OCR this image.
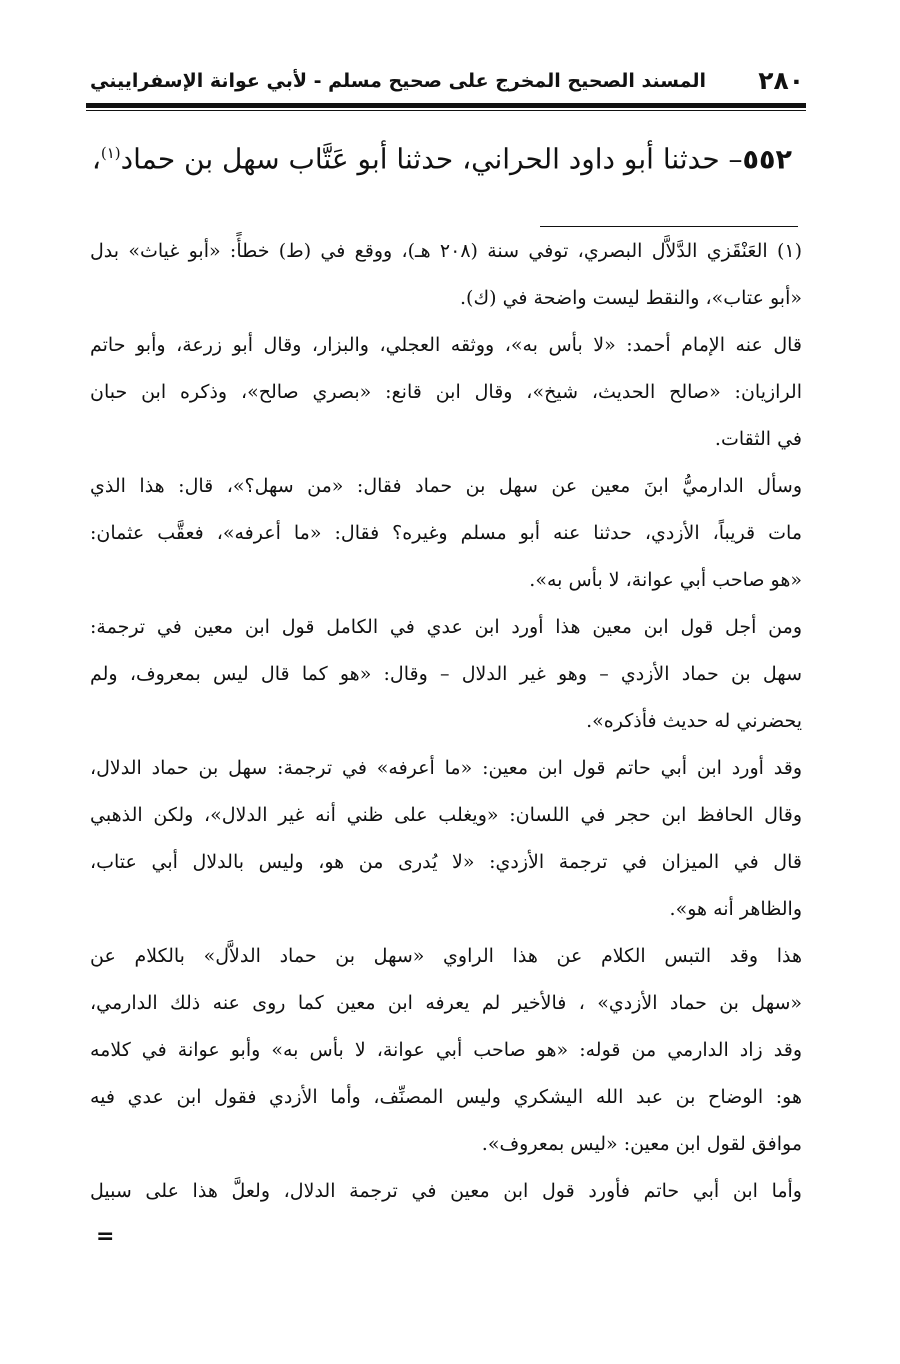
٢٨٠
المسند الصحيح المخرج على صحيح مسلم - لأبي عوانة الإسفراييني
٥٥٢– حدثنا أبو داود الحراني، حدثنا أبو عَتَّاب سهل بن حماد$^{(١)}$،
(١) العَنْقَزي الدَّلاَّل البصري، توفي سنة (٢٠٨ هـ)، ووقع في (ط) خطأً: «أبو غياث» بدل
«أبو عتاب»، والنقط ليست واضحة في (ك).
قال عنه الإمام أحمد: «لا بأس به»، ووثقه العجلي، والبزار، وقال أبو زرعة، وأبو حاتم
الرازيان: «صالح الحديث، شيخ»، وقال ابن قانع: «بصري صالح»، وذكره ابن حبان
في الثقات.
وسأل الدارميُّ ابنَ معين عن سهل بن حماد فقال: «من سهل؟»، قال: هذا الذي
مات قريباً، الأزدي، حدثنا عنه أبو مسلم وغيره؟ فقال: «ما أعرفه»، فعقَّب عثمان:
«هو صاحب أبي عوانة، لا بأس به».
ومن أجل قول ابن معين هذا أورد ابن عدي في الكامل قول ابن معين في ترجمة:
سهل بن حماد الأزدي – وهو غير الدلال – وقال: «هو كما قال ليس بمعروف، ولم
يحضرني له حديث فأذكره».
وقد أورد ابن أبي حاتم قول ابن معين: «ما أعرفه» في ترجمة: سهل بن حماد الدلال،
وقال الحافظ ابن حجر في اللسان: «ويغلب على ظني أنه غير الدلال»، ولكن الذهبي
قال في الميزان في ترجمة الأزدي: «لا يُدرى من هو، وليس بالدلال أبي عتاب،
والظاهر أنه هو».
هذا وقد التبس الكلام عن هذا الراوي «سهل بن حماد الدلاَّل» بالكلام عن
«سهل بن حماد الأزدي» ، فالأخير لم يعرفه ابن معين كما روى عنه ذلك الدارمي،
وقد زاد الدارمي من قوله: «هو صاحب أبي عوانة، لا بأس به» وأبو عوانة في كلامه
هو: الوضاح بن عبد الله اليشكري وليس المصنِّف، وأما الأزدي فقول ابن عدي فيه
موافق لقول ابن معين: «ليس بمعروف».
وأما ابن أبي حاتم فأورد قول ابن معين في ترجمة الدلال، ولعلَّ هذا على سبيل
=
